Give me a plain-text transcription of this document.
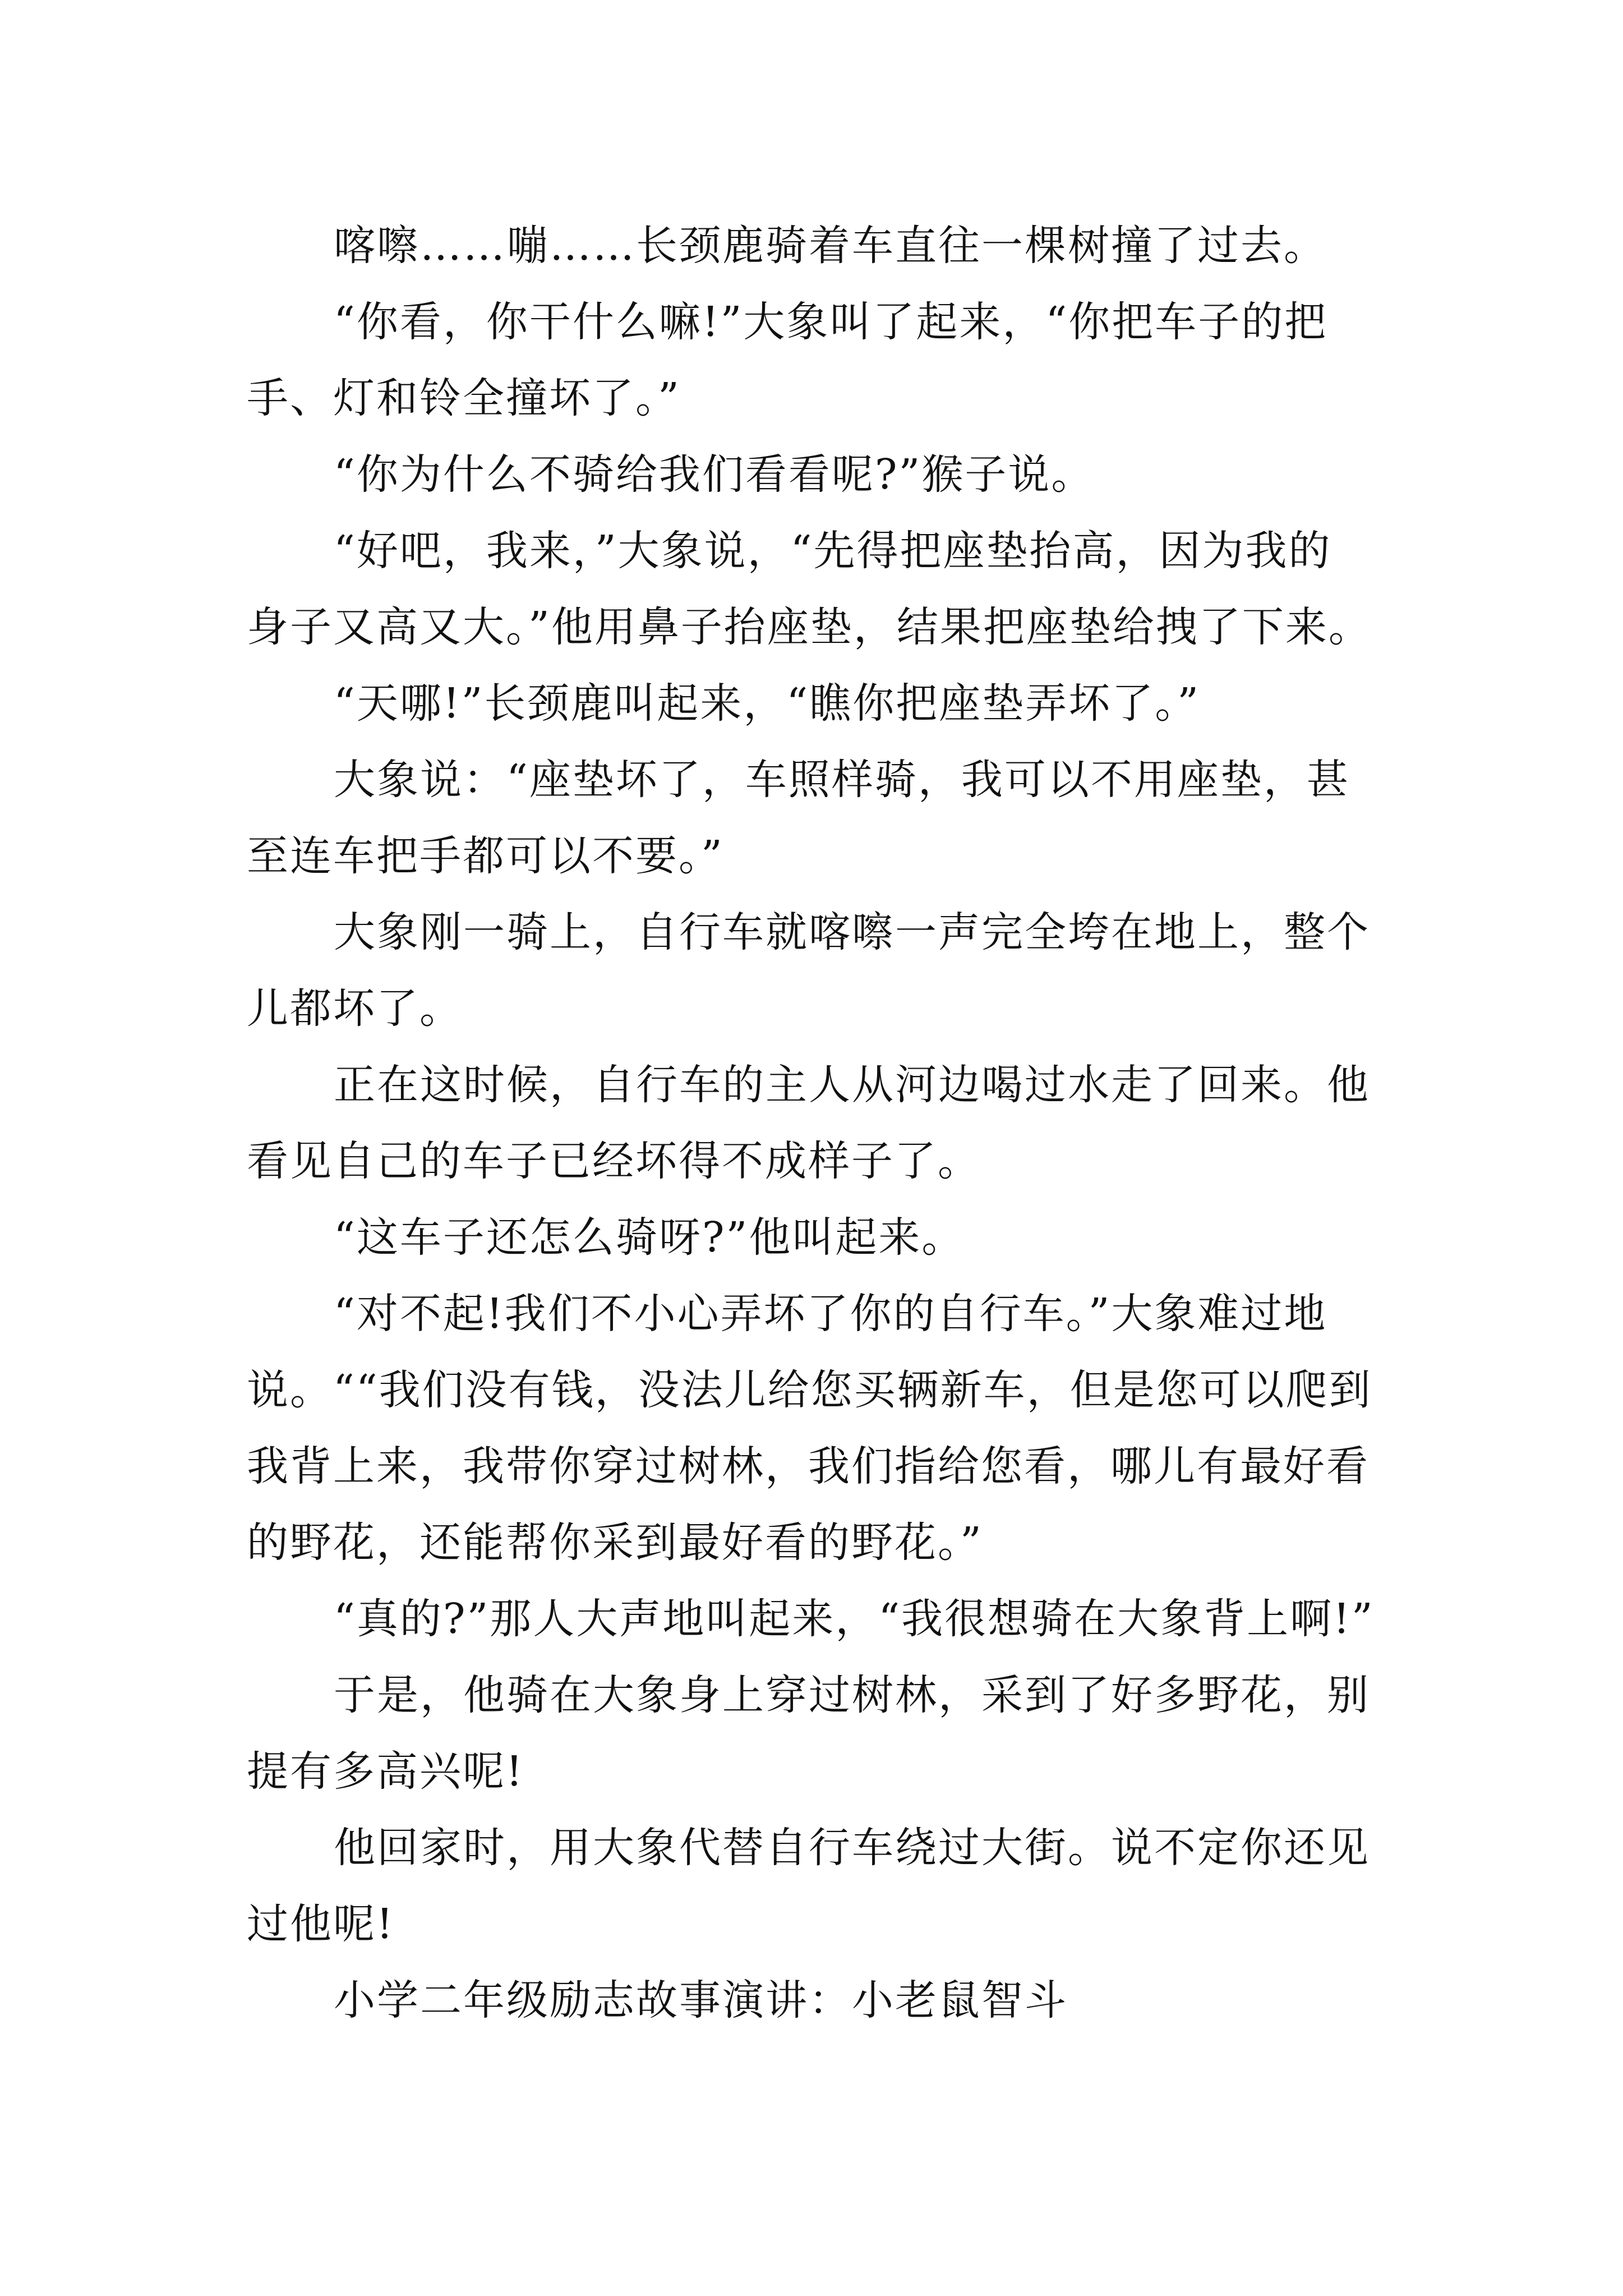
喀嚓……嘣……长颈鹿骑着车直往一棵树撞了过去。
“你看，你干什么嘛!”大象叫了起来，“你把车子的把
手、灯和铃全撞坏了。”
“你为什么不骑给我们看看呢?”猴子说。
“好吧，我来，”大象说，“先得把座垫抬高，因为我的
身子又高又大。”他用鼻子抬座垫，结果把座垫给拽了下来。
“天哪!”长颈鹿叫起来，“瞧你把座垫弄坏了。”
大象说：“座垫坏了，车照样骑，我可以不用座垫，甚
至连车把手都可以不要。”
大象刚一骑上，自行车就喀嚓一声完全垮在地上，整个
儿都坏了。
正在这时候，自行车的主人从河边喝过水走了回来。他
看见自己的车子已经坏得不成样子了。
“这车子还怎么骑呀?”他叫起来。
“对不起!我们不小心弄坏了你的自行车。”大象难过地
说。““我们没有钱，没法儿给您买辆新车，但是您可以爬到
我背上来，我带你穿过树林，我们指给您看，哪儿有最好看
的野花，还能帮你采到最好看的野花。”
“真的?”那人大声地叫起来，“我很想骑在大象背上啊!”
于是，他骑在大象身上穿过树林，采到了好多野花，别
提有多高兴呢!
他回家时，用大象代替自行车绕过大街。说不定你还见
过他呢!
小学二年级励志故事演讲：小老鼠智斗
